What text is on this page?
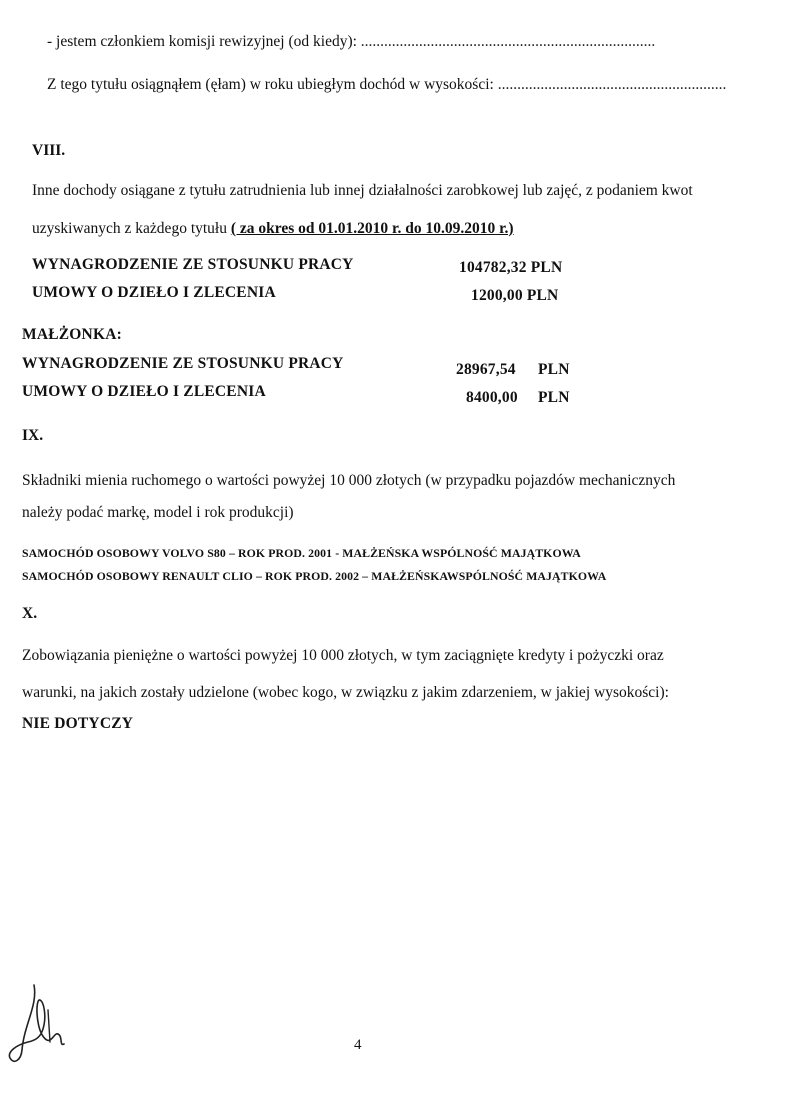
- jestem członkiem komisji rewizyjnej (od kiedy): ............................................................................
Z tego tytułu osiągnąłem (ęłam) w roku ubiegłym dochód w wysokości: ...........................................................
VIII.
Inne dochody osiągane z tytułu zatrudnienia lub innej działalności zarobkowej lub zajęć, z podaniem kwot
uzyskiwanych z każdego tytułu ( za okres od 01.01.2010 r. do 10.09.2010 r.)
WYNAGRODZENIE ZE STOSUNKU PRACY	104782,32 PLN
UMOWY O DZIEŁO I ZLECENIA	1200,00 PLN
MAŁŻONKA:
WYNAGRODZENIE ZE STOSUNKU PRACY	28967,54 PLN
UMOWY O DZIEŁO I ZLECENIA	8400,00 PLN
IX.
Składniki mienia ruchomego o wartości powyżej 10 000 złotych (w przypadku pojazdów mechanicznych
należy podać markę, model i rok produkcji)
SAMOCHÓD OSOBOWY VOLVO S80 – ROK PROD. 2001 - MAŁŻEŃSKA WSPÓLNOŚĆ MAJĄTKOWA
SAMOCHÓD OSOBOWY RENAULT CLIO – ROK PROD. 2002 – MAŁŻEŃSKAWSPÓLNOŚĆ MAJĄTKOWA
X.
Zobowiązania pieniężne o wartości powyżej 10 000 złotych, w tym zaciągnięte kredyty i pożyczki oraz
warunki, na jakich zostały udzielone (wobec kogo, w związku z jakim zdarzeniem, w jakiej wysokości):
NIE DOTYCZY
4
